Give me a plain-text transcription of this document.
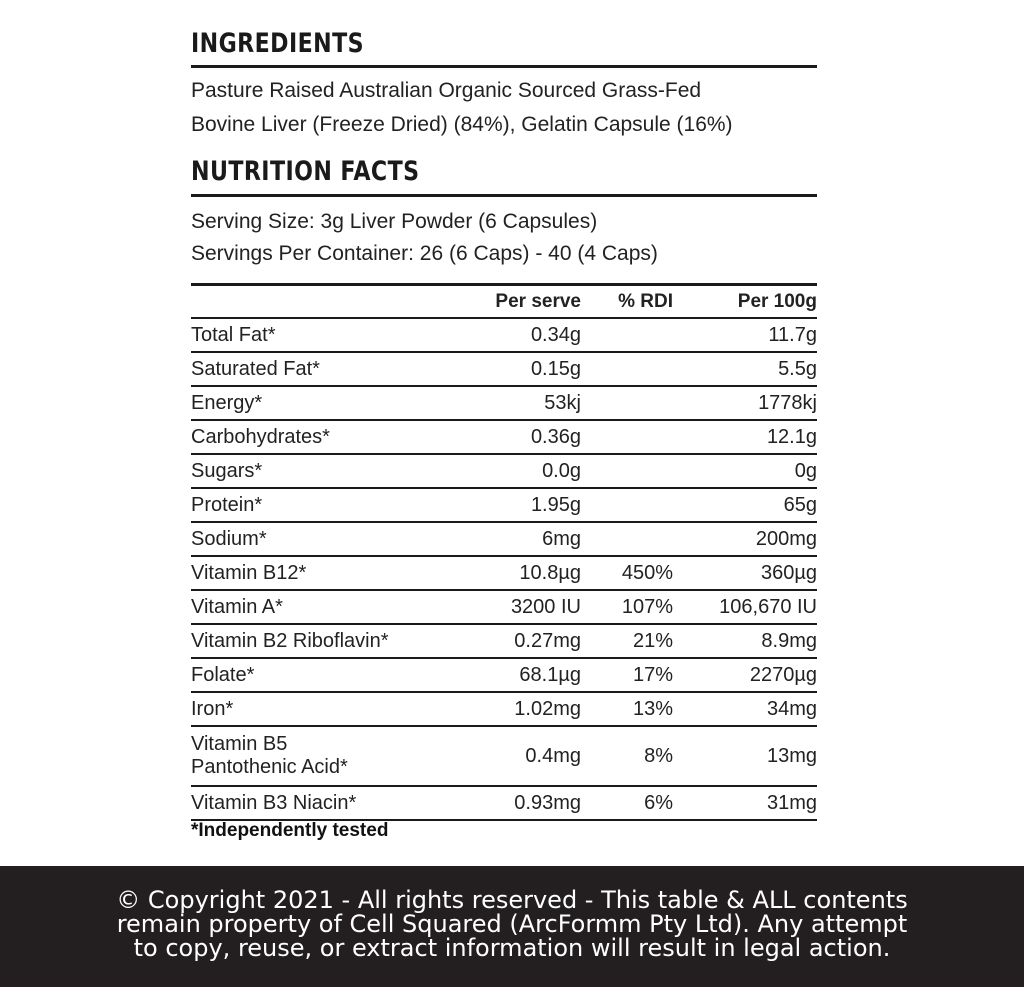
INGREDIENTS
Pasture Raised Australian Organic Sourced Grass-Fed
Bovine Liver (Freeze Dried) (84%), Gelatin Capsule (16%)
NUTRITION FACTS
Serving Size: 3g Liver Powder (6 Capsules)
Servings Per Container: 26 (6 Caps) - 40 (4 Caps)
	Per serve	% RDI	Per 100g
Total Fat*	0.34g		11.7g
Saturated Fat*	0.15g		5.5g
Energy*	53kj		1778kj
Carbohydrates*	0.36g		12.1g
Sugars*	0.0g		0g
Protein*	1.95g		65g
Sodium*	6mg		200mg
Vitamin B12*	10.8µg	450%	360µg
Vitamin A*	3200 IU	107%	106,670 IU
Vitamin B2 Riboflavin*	0.27mg	21%	8.9mg
Folate*	68.1µg	17%	2270µg
Iron*	1.02mg	13%	34mg

Vitamin B5
Pantothenic Acid*	0.4mg	8%	13mg
Vitamin B3 Niacin*	0.93mg	6%	31mg
*Independently tested
© Copyright 2021 - All rights reserved - This table & ALL contents
remain property of Cell Squared (ArcFormm Pty Ltd). Any attempt
to copy, reuse, or extract information will result in legal action.
